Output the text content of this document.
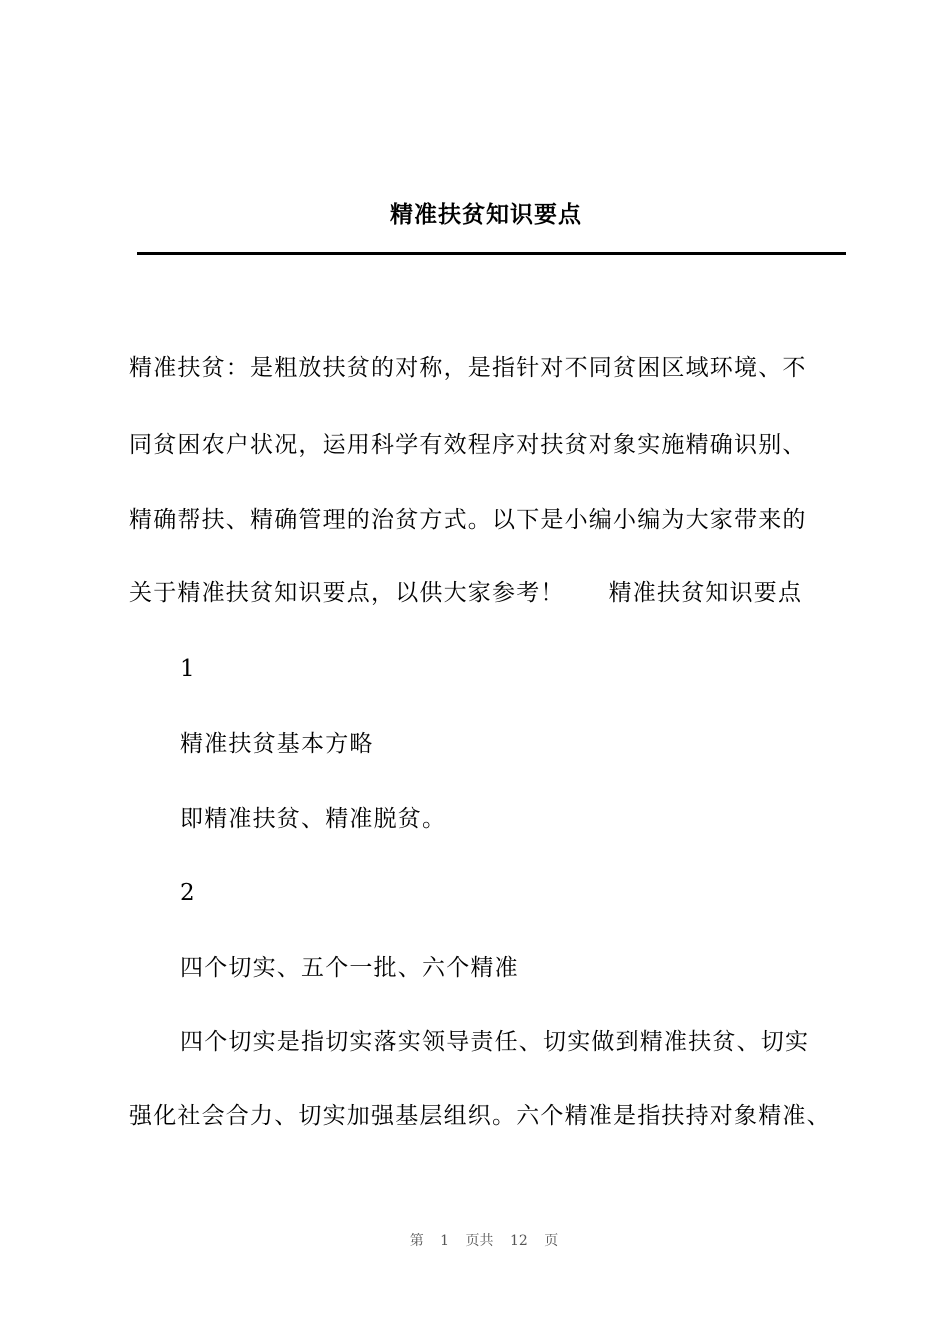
精准扶贫知识要点
精准扶贫：是粗放扶贫的对称，是指针对不同贫困区域环境、不
同贫困农户状况，运用科学有效程序对扶贫对象实施精确识别、
精确帮扶、精确管理的治贫方式。以下是小编小编为大家带来的
关于精准扶贫知识要点，以供大家参考！ 精准扶贫知识要点
1
精准扶贫基本方略
即精准扶贫、精准脱贫。
2
四个切实、五个一批、六个精准
四个切实是指切实落实领导责任、切实做到精准扶贫、切实
强化社会合力、切实加强基层组织。六个精准是指扶持对象精准、
第 1 页共 12 页
